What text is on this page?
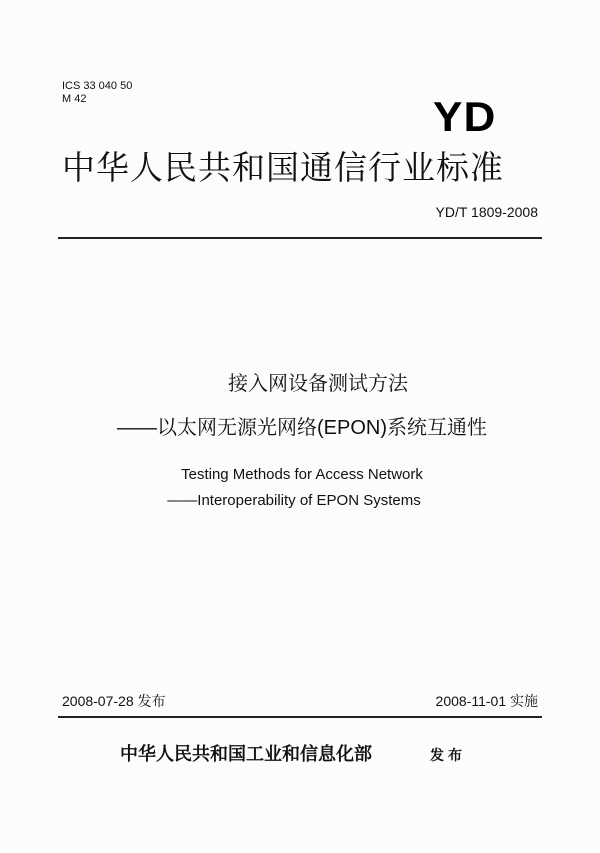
ICS 33 040 50
M 42	YD
中华人民共和国通信行业标准
YD/T 1809-2008
接入网设备测试方法
——以太网无源光网络(EPON)系统互通性
Testing Methods for Access Network
——Interoperability of EPON Systems
2008-07-28 发布	2008-11-01 实施
中华人民共和国工业和信息化部	发布
